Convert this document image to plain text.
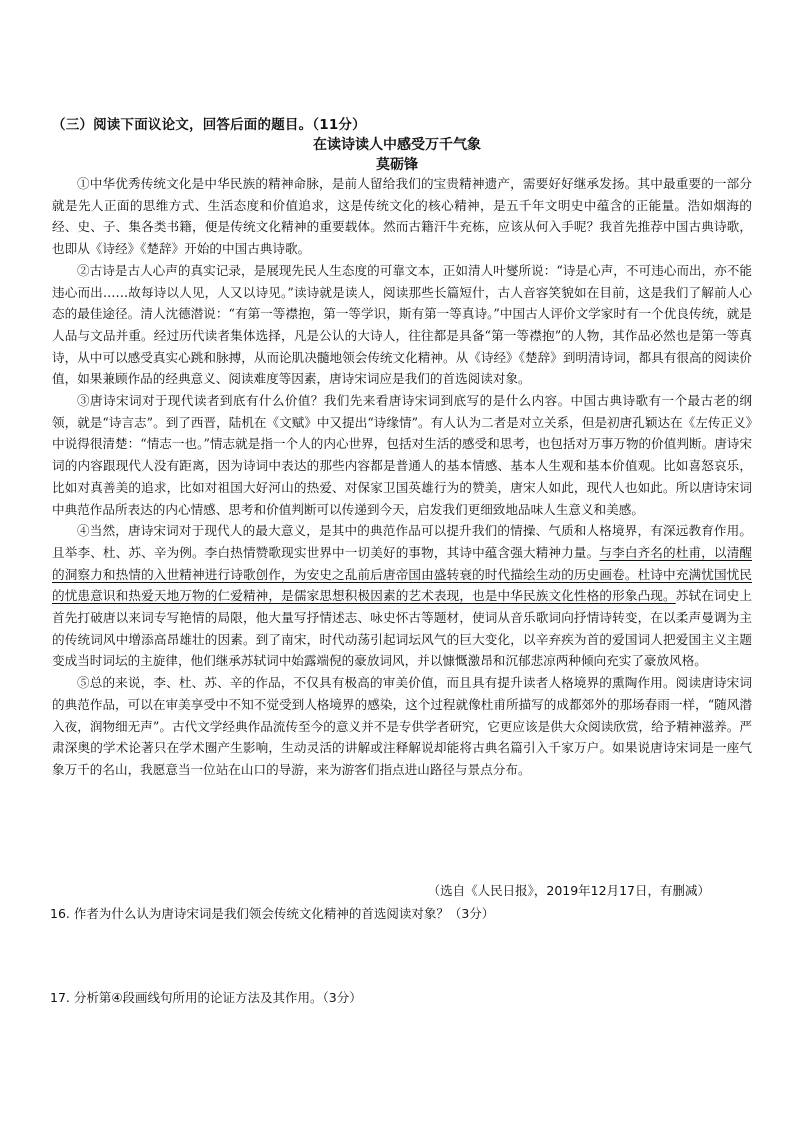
（三）阅读下面议论文，回答后面的题目。（11分）
在读诗读人中感受万千气象
莫砺锋

①中华优秀传统文化是中华民族的精神命脉，是前人留给我们的宝贵精神遗产，需要好好继承发扬。其中最重要的一部分就是先人正面的思维方式、生活态度和价值追求，这是传统文化的核心精神，是五千年文明史中蕴含的正能量。浩如烟海的经、史、子、集各类书籍，便是传统文化精神的重要载体。然而古籍汗牛充栋，应该从何入手呢？我首先推荐中国古典诗歌，也即从《诗经》《楚辞》开始的中国古典诗歌。

②古诗是古人心声的真实记录，是展现先民人生态度的可靠文本，正如清人叶燮所说：“诗是心声，不可违心而出，亦不能违心而出……故每诗以人见，人又以诗见。”读诗就是读人，阅读那些长篇短什，古人音容笑貌如在目前，这是我们了解前人心态的最佳途径。清人沈德潜说：“有第一等襟抱，第一等学识，斯有第一等真诗。”中国古人评价文学家时有一个优良传统，就是人品与文品并重。经过历代读者集体选择，凡是公认的大诗人，往往都是具备“第一等襟抱”的人物，其作品必然也是第一等真诗，从中可以感受真实心跳和脉搏，从而论肌决髓地领会传统文化精神。从《诗经》《楚辞》到明清诗词，都具有很高的阅读价值，如果兼顾作品的经典意义、阅读难度等因素，唐诗宋词应是我们的首选阅读对象。

③唐诗宋词对于现代读者到底有什么价值？我们先来看唐诗宋词到底写的是什么内容。中国古典诗歌有一个最古老的纲领，就是“诗言志”。到了西晋，陆机在《文赋》中又提出“诗缘情”。有人认为二者是对立关系，但是初唐孔颖达在《左传正义》中说得很清楚：“情志一也。”情志就是指一个人的内心世界，包括对生活的感受和思考，也包括对万事万物的价值判断。唐诗宋词的内容跟现代人没有距离，因为诗词中表达的那些内容都是普通人的基本情感、基本人生观和基本价值观。比如喜怒哀乐，比如对真善美的追求，比如对祖国大好河山的热爱、对保家卫国英雄行为的赞美，唐宋人如此，现代人也如此。所以唐诗宋词中典范作品所表达的内心情感、思考和价值判断可以传递到今天，启发我们更细致地品味人生意义和美感。

④当然，唐诗宋词对于现代人的最大意义，是其中的典范作品可以提升我们的情操、气质和人格境界，有深远教育作用。且举李、杜、苏、辛为例。李白热情赞歌现实世界中一切美好的事物，其诗中蕴含强大精神力量。与李白齐名的杜甫，以清醒的洞察力和热情的入世精神进行诗歌创作，为安史之乱前后唐帝国由盛转衰的时代描绘生动的历史画卷。杜诗中充满忧国忧民的忧患意识和热爱天地万物的仁爱精神，是儒家思想积极因素的艺术表现，也是中华民族文化性格的形象凸现。苏轼在词史上首先打破唐以来词专写艳情的局限，他大量写抒情述志、咏史怀古等题材，使词从音乐歌词向抒情诗转变，在以柔声曼调为主的传统词风中增添高昂雄壮的因素。到了南宋，时代动荡引起词坛风气的巨大变化，以辛弃疾为首的爱国词人把爱国主义主题变成当时词坛的主旋律，他们继承苏轼词中始露端倪的豪放词风，并以慷慨激昂和沉郁悲凉两种倾向充实了豪放风格。

⑤总的来说，李、杜、苏、辛的作品，不仅具有极高的审美价值，而且具有提升读者人格境界的熏陶作用。阅读唐诗宋词的典范作品，可以在审美享受中不知不觉受到人格境界的感染，这个过程就像杜甫所描写的成都郊外的那场春雨一样，“随风潜入夜，润物细无声”。古代文学经典作品流传至今的意义并不是专供学者研究，它更应该是供大众阅读欣赏，给予精神滋养。严肃深奥的学术论著只在学术圈产生影响，生动灵活的讲解或注释解说却能将古典名篇引入千家万户。如果说唐诗宋词是一座气象万千的名山，我愿意当一位站在山口的导游，来为游客们指点进山路径与景点分布。

（选自《人民日报》，2019年12月17日，有删减）
16. 作者为什么认为唐诗宋词是我们领会传统文化精神的首选阅读对象？（3分）
17. 分析第④段画线句所用的论证方法及其作用。（3分）
